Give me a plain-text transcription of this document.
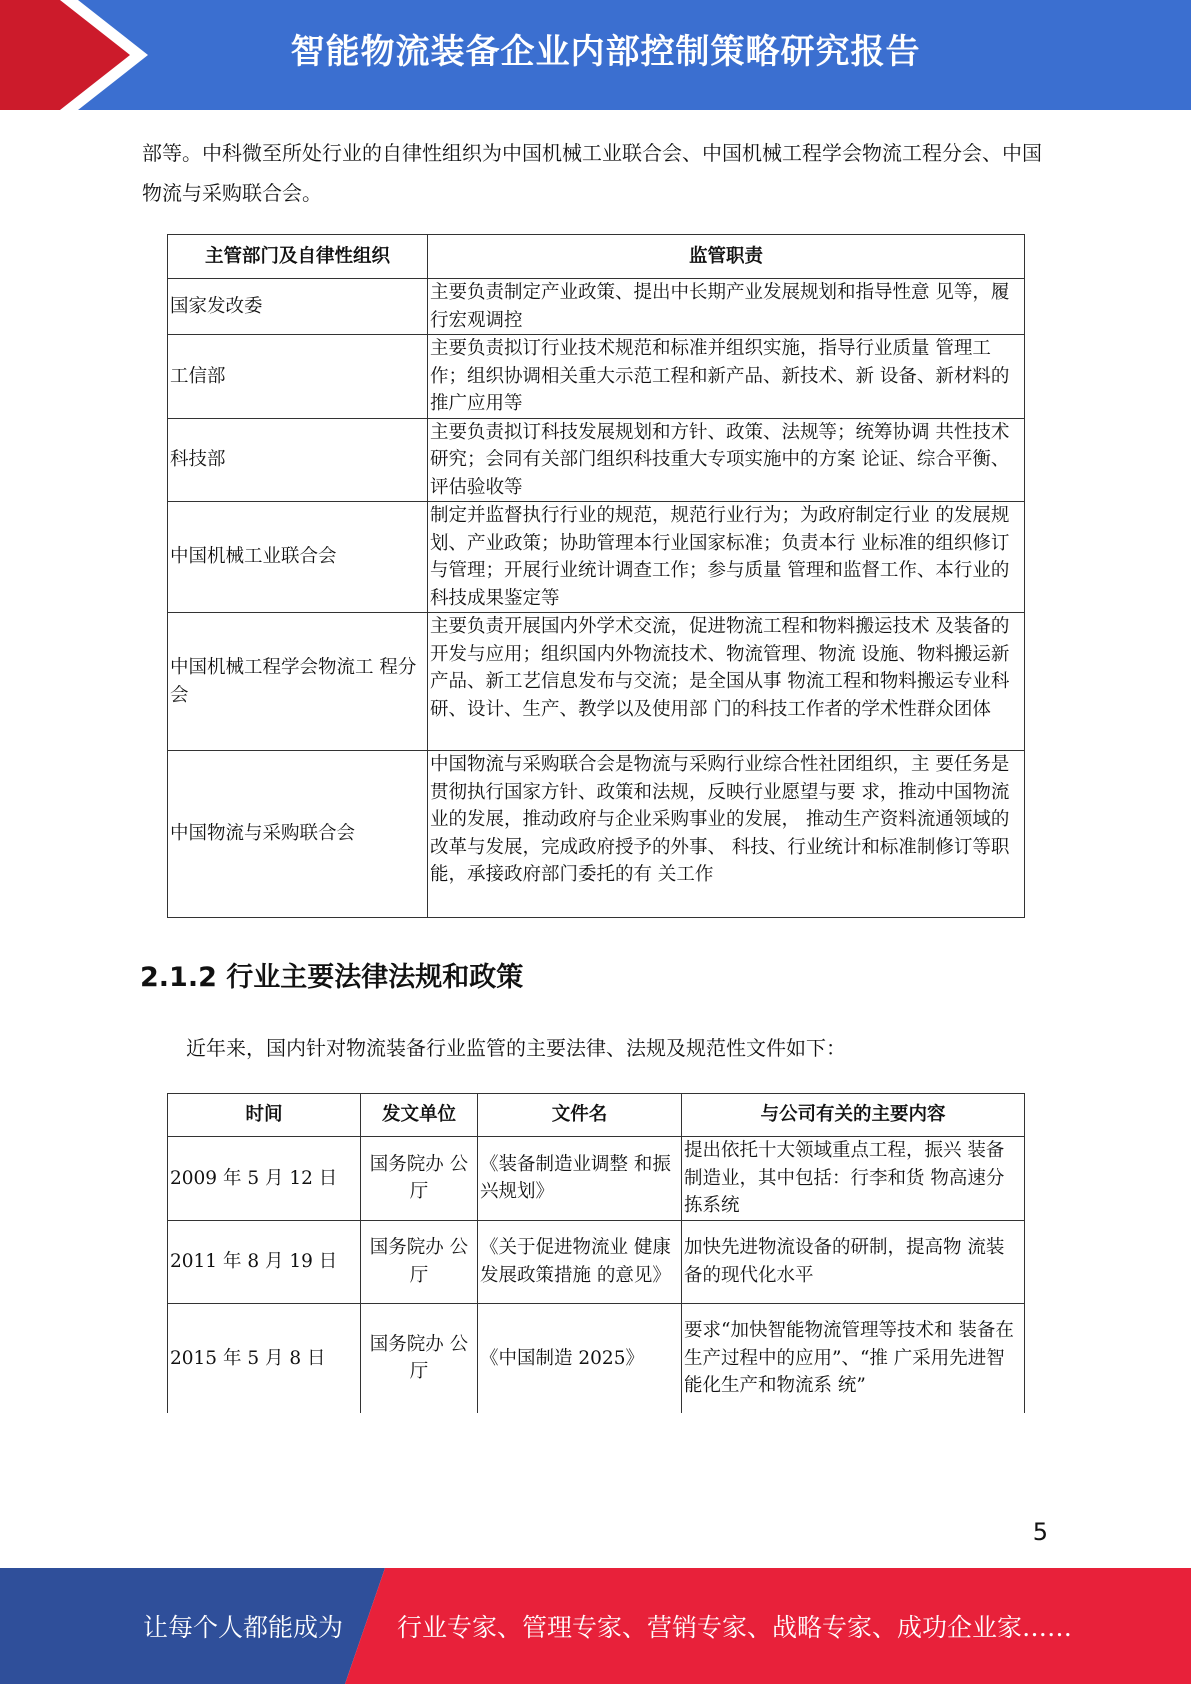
智能物流装备企业内部控制策略研究报告
部等。中科微至所处行业的自律性组织为中国机械工业联合会、中国机械工程学会物流工程分会、中国物流与采购联合会。
主管部门及自律性组织	监管职责
国家发改委	主要负责制定产业政策、提出中长期产业发展规划和指导性意 见等，履行宏观调控
工信部	主要负责拟订行业技术规范和标准并组织实施，指导行业质量 管理工作；组织协调相关重大示范工程和新产品、新技术、新 设备、新材料的推广应用等
科技部	主要负责拟订科技发展规划和方针、政策、法规等；统筹协调 共性技术研究；会同有关部门组织科技重大专项实施中的方案 论证、综合平衡、评估验收等
中国机械工业联合会	制定并监督执行行业的规范，规范行业行为；为政府制定行业 的发展规划、产业政策；协助管理本行业国家标准；负责本行 业标准的组织修订与管理；开展行业统计调查工作；参与质量 管理和监督工作、本行业的科技成果鉴定等
中国机械工程学会物流工 程分会	主要负责开展国内外学术交流，促进物流工程和物料搬运技术 及装备的开发与应用；组织国内外物流技术、物流管理、物流 设施、物料搬运新产品、新工艺信息发布与交流；是全国从事 物流工程和物料搬运专业科研、设计、生产、教学以及使用部 门的科技工作者的学术性群众团体
中国物流与采购联合会	中国物流与采购联合会是物流与采购行业综合性社团组织，主 要任务是贯彻执行国家方针、政策和法规，反映行业愿望与要 求，推动中国物流业的发展，推动政府与企业采购事业的发展， 推动生产资料流通领域的改革与发展，完成政府授予的外事、 科技、行业统计和标准制修订等职能，承接政府部门委托的有 关工作
2.1.2 行业主要法律法规和政策
近年来，国内针对物流装备行业监管的主要法律、法规及规范性文件如下：
时间	发文单位	文件名	与公司有关的主要内容
2009 年 5 月 12 日	国务院办 公厅	《装备制造业调整 和振兴规划》	提出依托十大领域重点工程，振兴 装备制造业，其中包括：行李和货 物高速分拣系统
2011 年 8 月 19 日	国务院办 公厅	《关于促进物流业 健康发展政策措施 的意见》	加快先进物流设备的研制，提高物 流装备的现代化水平
2015 年 5 月 8 日	国务院办 公厅	《中国制造 2025》	要求“加快智能物流管理等技术和 装备在生产过程中的应用”、“推 广采用先进智能化生产和物流系 统”
5
让每个人都能成为 行业专家、管理专家、营销专家、战略专家、成功企业家……
